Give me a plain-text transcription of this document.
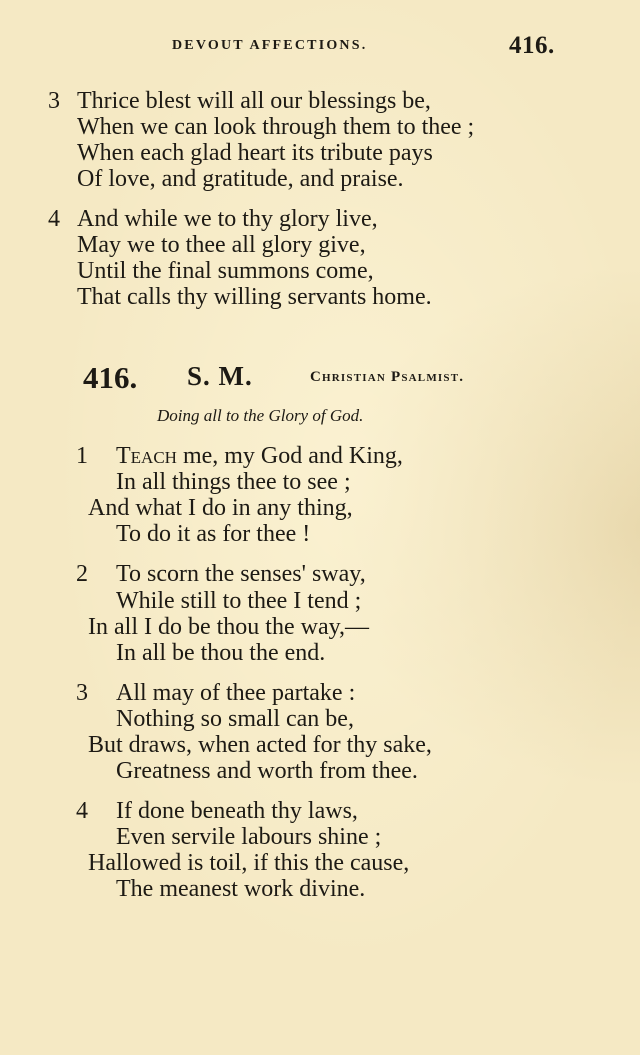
DEVOUT AFFECTIONS.	416.
3 Thrice blest will all our blessings be,
When we can look through them to thee ;
When each glad heart its tribute pays
Of love, and gratitude, and praise.
4 And while we to thy glory live,
May we to thee all glory give,
Until the final summons come,
That calls thy willing servants home.
416. S. M.	Christian Psalmist.
Doing all to the Glory of God.
1 Teach me, my God and King,
In all things thee to see ;
And what I do in any thing,
To do it as for thee !
2 To scorn the senses' sway,
While still to thee I tend ;
In all I do be thou the way,—
In all be thou the end.
3 All may of thee partake :
Nothing so small can be,
But draws, when acted for thy sake,
Greatness and worth from thee.
4 If done beneath thy laws,
Even servile labours shine ;
Hallowed is toil, if this the cause,
The meanest work divine.
